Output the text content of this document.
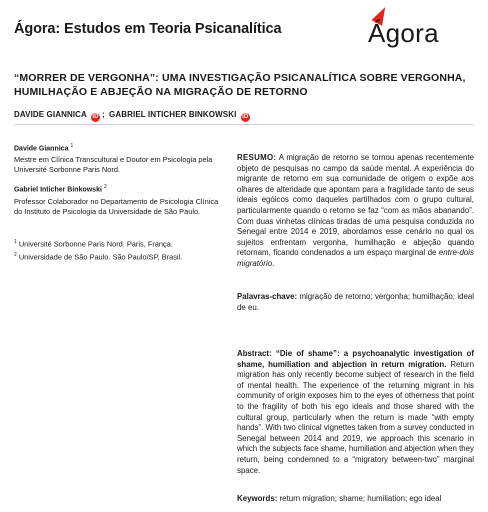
Ágora: Estudos em Teoria Psicanalítica	Ágora
“MORRER DE VERGONHA”: UMA INVESTIGAÇÃO PSICANALÍTICA SOBRE VERGONHA, HUMILHAÇÃO E ABJEÇÃO NA MIGRAÇÃO DE RETORNO
DAVIDE GIANNICA iD ; GABRIEL INTICHER BINKOWSKI iD
Davide Giannica $^1$
Mestre em Clínica Transcultural e Doutor em Psicologia pela Université Sorbonne Paris Nord.
Gabriel Inticher Binkowski $^2$
Professor Colaborador no Departamento de Psicologia Clínica do Instituto de Psicologia da Universidade de São Paulo.
$^1$ Université Sorbonne Paris Nord. Paris, França.
$^2$ Universidade de São Paulo. São Paulo/SP, Brasil.
RESUMO: A migração de retorno se tornou apenas recentemente objeto de pesquisas no campo da saúde mental. A experiência do migrante de retorno em sua comunidade de origem o expõe aos olhares de alteridade que apontam para a fragilidade tanto de seus ideais egóicos como daqueles partilhados com o grupo cultural, particularmente quando o retorno se faz “com as mãos abanando”. Com duas vinhetas clínicas tiradas de uma pesquisa conduzida no Senegal entre 2014 e 2019, abordamos esse cenário no qual os sujeitos enfrentam vergonha, humilhação e abjeção quando retornam, ficando condenados a um espaço marginal de entre-dois migratório.
Palavras-chave: migração de retorno; vergonha; humilhação; ideal de eu.
Abstract: “Die of shame”: a psychoanalytic investigation of shame, humiliation and abjection in return migration. Return migration has only recently become subject of research in the field of mental health. The experience of the returning migrant in his community of origin exposes him to the eyes of otherness that point to the fragility of both his ego ideals and those shared with the cultural group, particularly when the return is made “with empty hands”. With two clinical vignettes taken from a survey conducted in Senegal between 2014 and 2019, we approach this scenario in which the subjects face shame, humiliation and abjection when they return, being condemned to a “migratory between-two” marginal space.
Keywords: return migration; shame; humiliation; ego ideal
